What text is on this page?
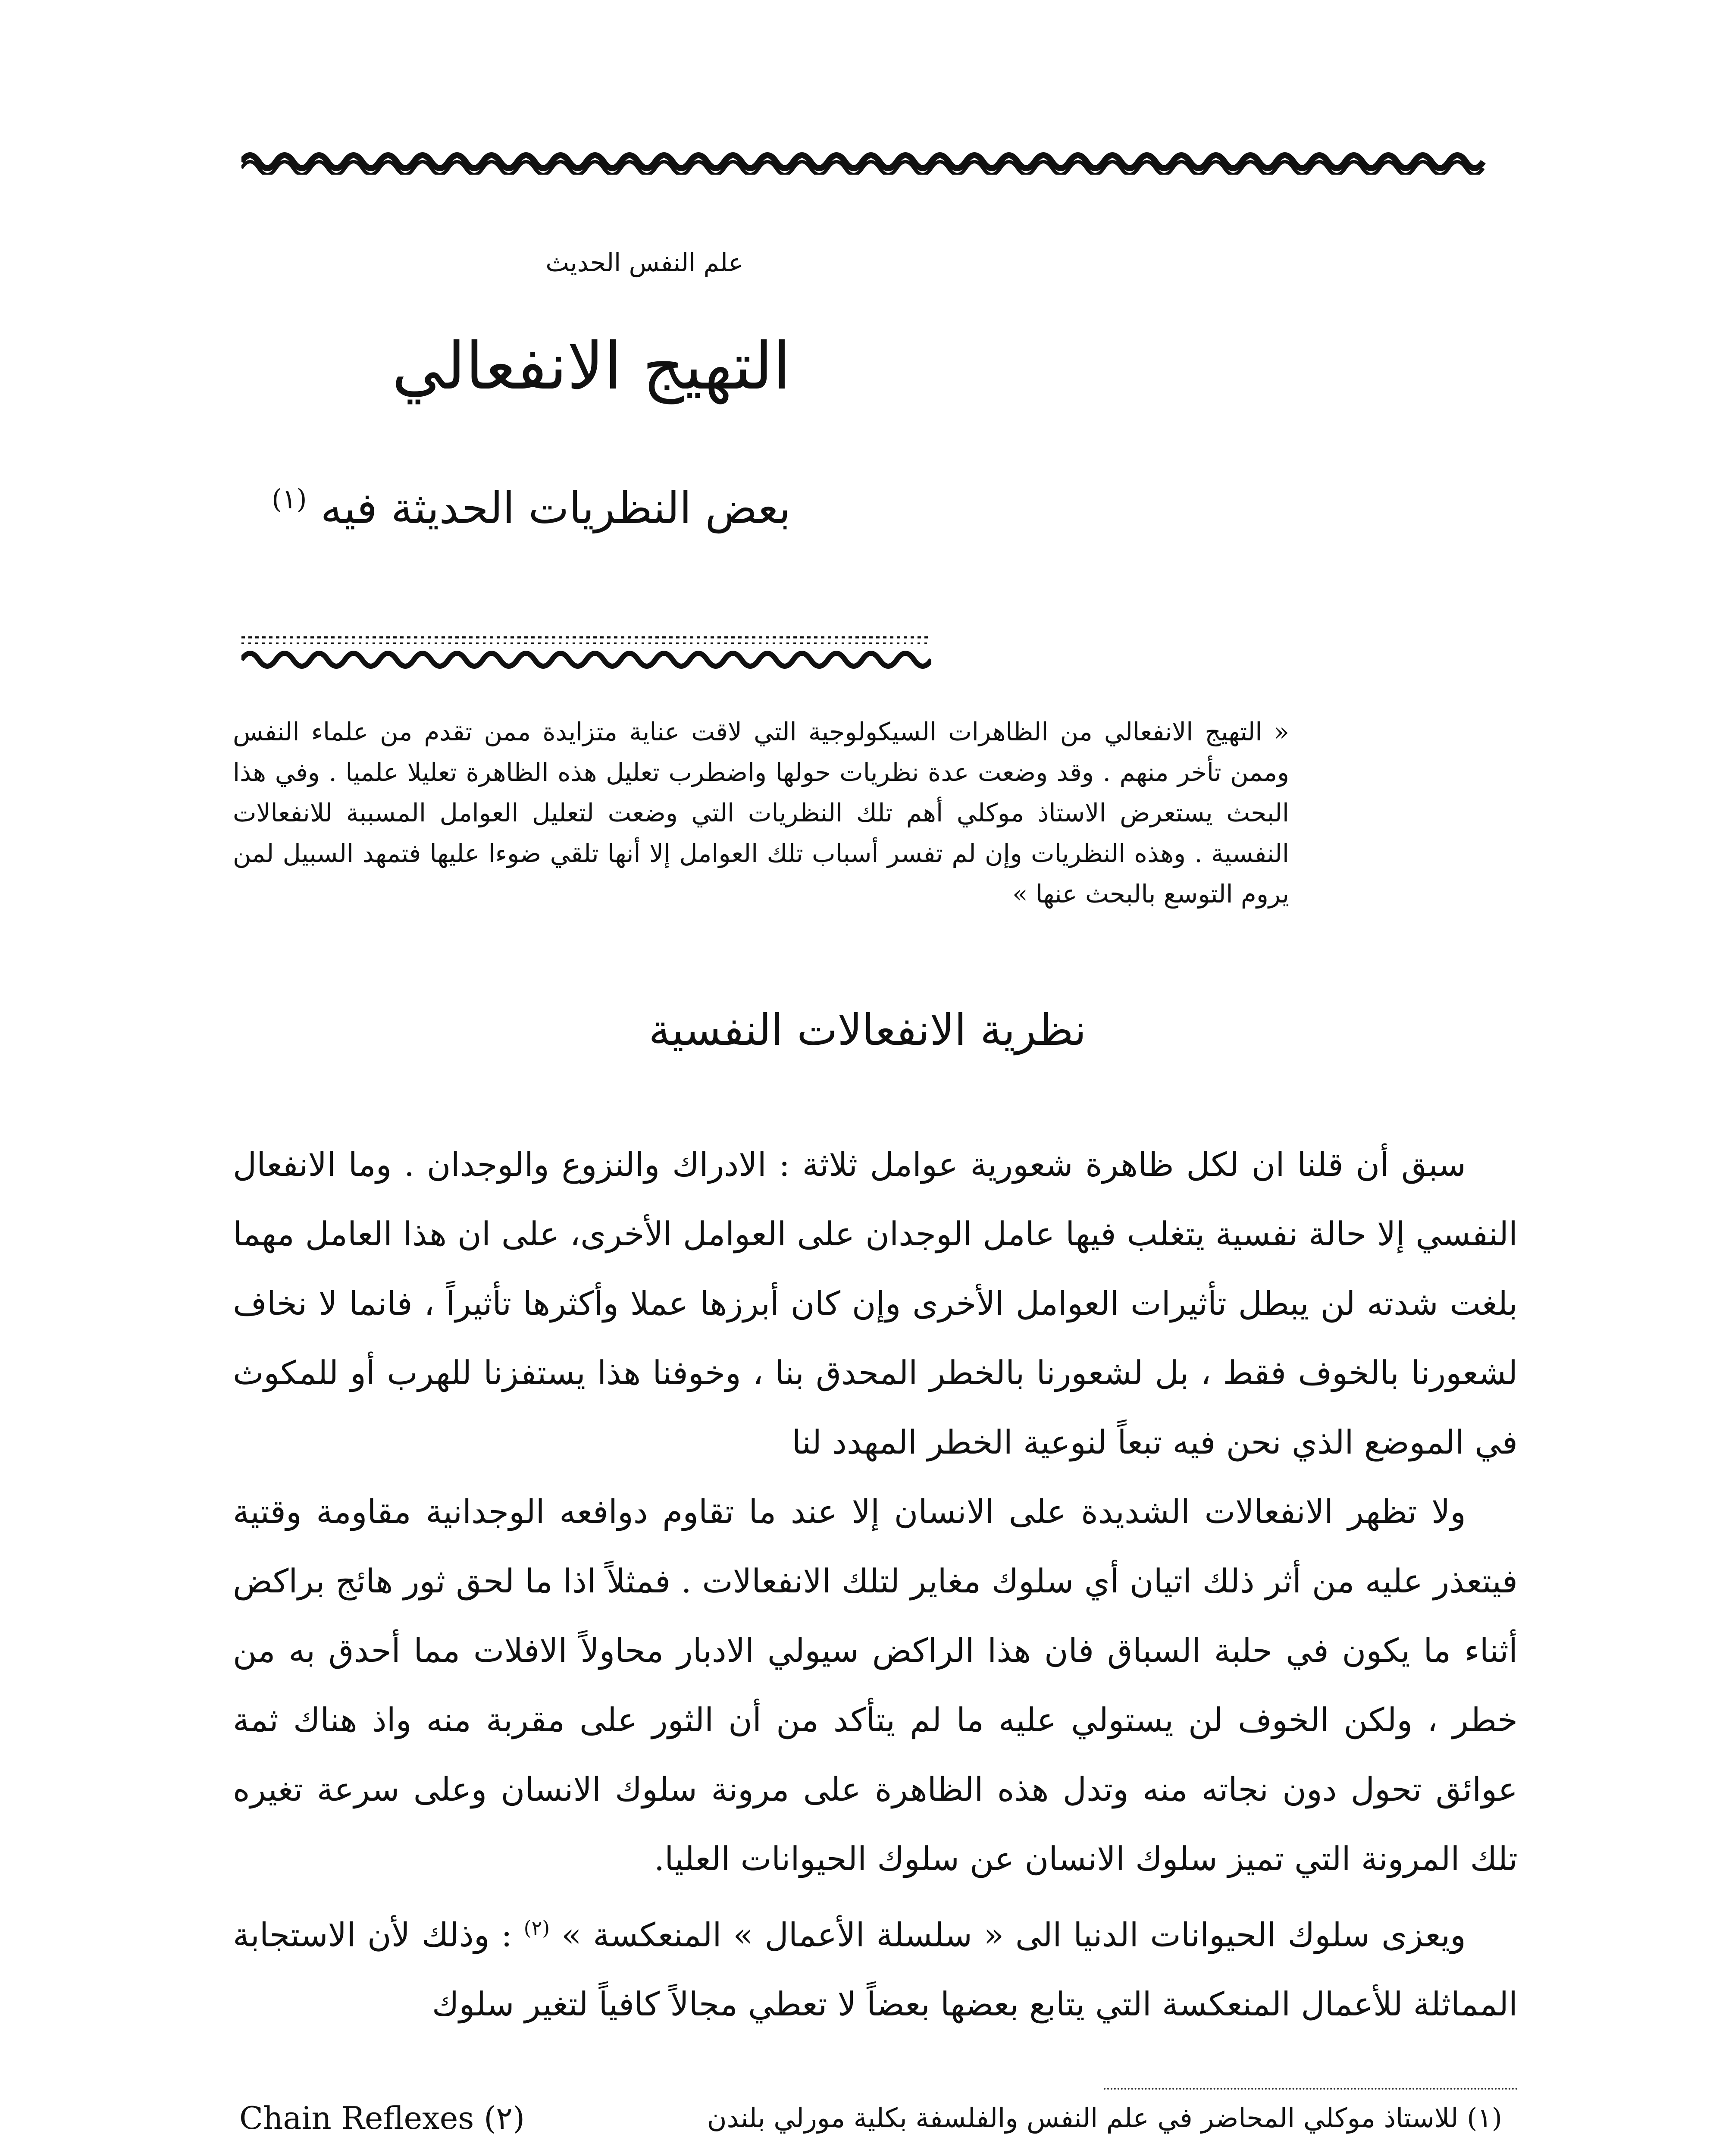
علم النفس الحديث
التهيج الانفعالي
بعض النظريات الحديثة فيه $^{(١)}$
« التهيج الانفعالي من الظاهرات السيكولوجية التي لاقت عناية متزايدة ممن تقدم من علماء النفس وممن تأخر منهم . وقد وضعت عدة نظريات حولها واضطرب تعليل هذه الظاهرة تعليلا علميا . وفي هذا البحث يستعرض الاستاذ موكلي أهم تلك النظريات التي وضعت لتعليل العوامل المسببة للانفعالات النفسية . وهذه النظريات وإن لم تفسر أسباب تلك العوامل إلا أنها تلقي ضوءا عليها فتمهد السبيل لمن يروم التوسع بالبحث عنها »
نظرية الانفعالات النفسية

سبق أن قلنا ان لكل ظاهرة شعورية عوامل ثلاثة : الادراك والنزوع والوجدان . وما الانفعال النفسي إلا حالة نفسية يتغلب فيها عامل الوجدان على العوامل الأخرى، على ان هذا العامل مهما بلغت شدته لن يبطل تأثيرات العوامل الأخرى وإن كان أبرزها عملا وأكثرها تأثيراً ، فانما لا نخاف لشعورنا بالخوف فقط ، بل لشعورنا بالخطر المحدق بنا ، وخوفنا هذا يستفزنا للهرب أو للمكوث في الموضع الذي نحن فيه تبعاً لنوعية الخطر المهدد لنا

ولا تظهر الانفعالات الشديدة على الانسان إلا عند ما تقاوم دوافعه الوجدانية مقاومة وقتية فيتعذر عليه من أثر ذلك اتيان أي سلوك مغاير لتلك الانفعالات . فمثلاً اذا ما لحق ثور هائج براكض أثناء ما يكون في حلبة السباق فان هذا الراكض سيولي الادبار محاولاً الافلات مما أحدق به من خطر ، ولكن الخوف لن يستولي عليه ما لم يتأكد من أن الثور على مقربة منه واذ هناك ثمة عوائق تحول دون نجاته منه وتدل هذه الظاهرة على مرونة سلوك الانسان وعلى سرعة تغيره تلك المرونة التي تميز سلوك الانسان عن سلوك الحيوانات العليا.

ويعزى سلوك الحيوانات الدنيا الى « سلسلة الأعمال » المنعكسة » $^{(٢)}$ : وذلك لأن الاستجابة المماثلة للأعمال المنعكسة التي يتابع بعضها بعضاً لا تعطي مجالاً كافياً لتغير سلوك

(١) للاستاذ موكلي المحاضر في علم النفس والفلسفة بكلية مورلي بلندن
Chain Reflexes (٢)
